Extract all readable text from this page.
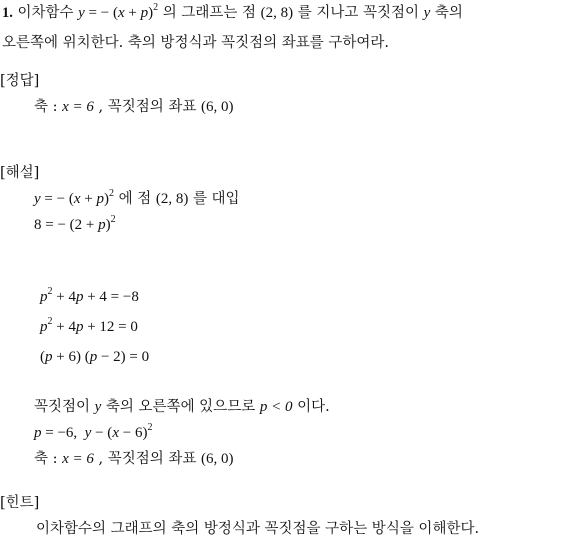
1. 이차함수 y = − $(x + p)^2$ 의 그래프는 점 (2, 8) 를 지나고 꼭짓점이 y 축의
오른쪽에 위치한다. 축의 방정식과 꼭짓점의 좌표를 구하여라.
[정답]
축 : x = 6 , 꼭짓점의 좌표 (6, 0)
[해설]
y = − $(x + p)^2$ 에 점 (2, 8) 를 대입
8 = − $(2 + p)^2$
$p^2 + 4p + 4 = -8$
$p^2 + 4p + 12 = 0$
(p + 6) (p − 2) = 0
꼭짓점이 y 축의 오른쪽에 있으므로 p < 0 이다.
p = −6,  $y - (x - 6)^2$
축 : x = 6 , 꼭짓점의 좌표 (6, 0)
[힌트]
이차함수의 그래프의 축의 방정식과 꼭짓점을 구하는 방식을 이해한다.
